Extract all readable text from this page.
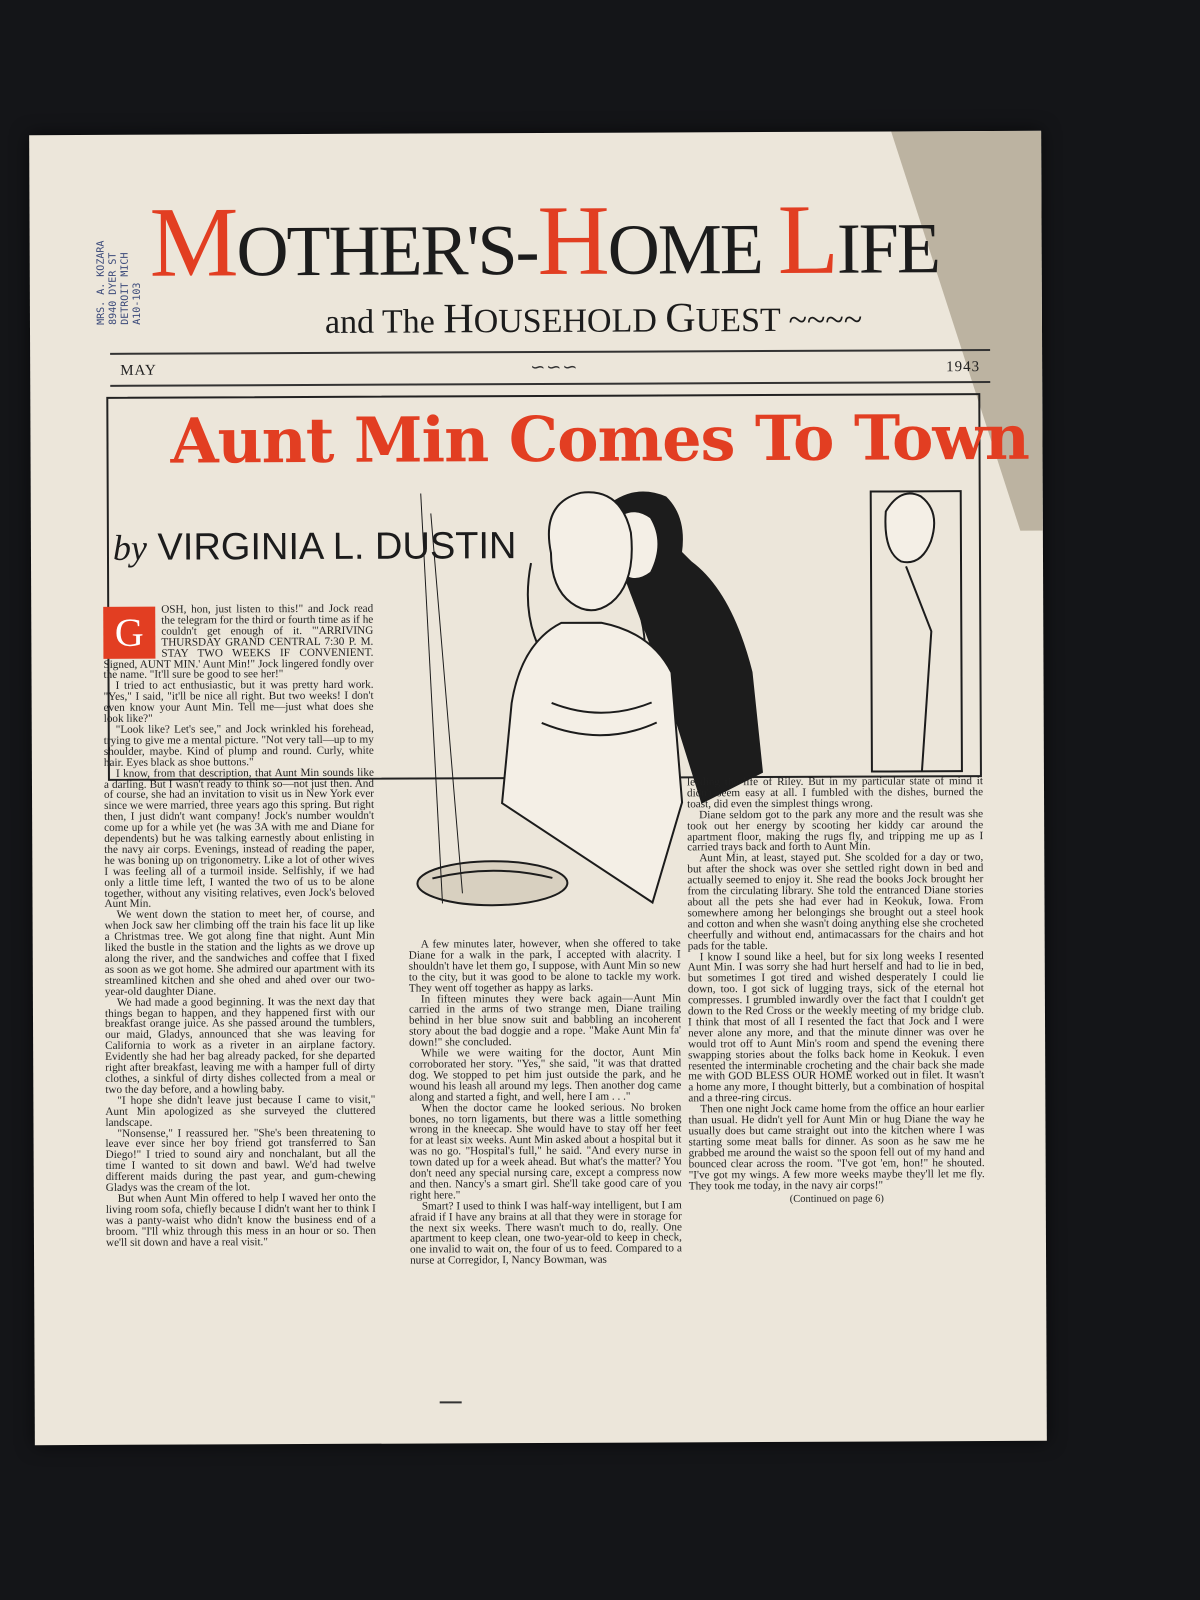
MRS. A. KOZARA 8940 DYER ST DETROIT MICH A10-103
MOTHER'S-HOME LIFE
and The HOUSEHOLD GUEST ~~~~
MAY	∽∽∽	1943
Aunt Min Comes To Town
by VIRGINIA L. DUSTIN

G
OSH, hon, just listen to this!" and Jock read the telegram for the third or fourth time as if he couldn't get enough of it. "'ARRIVING THURSDAY GRAND CENTRAL 7:30 P. M. STAY TWO WEEKS IF CONVENIENT. Signed, AUNT MIN.' Aunt Min!" Jock lingered fondly over the name. "It'll sure be good to see her!"

I tried to act enthusiastic, but it was pretty hard work. "Yes," I said, "it'll be nice all right. But two weeks! I don't even know your Aunt Min. Tell me—just what does she look like?"

"Look like? Let's see," and Jock wrinkled his forehead, trying to give me a mental picture. "Not very tall—up to my shoulder, maybe. Kind of plump and round. Curly, white hair. Eyes black as shoe buttons."

I know, from that description, that Aunt Min sounds like a darling. But I wasn't ready to think so—not just then. And of course, she had an invitation to visit us in New York ever since we were married, three years ago this spring. But right then, I just didn't want company! Jock's number wouldn't come up for a while yet (he was 3A with me and Diane for dependents) but he was talking earnestly about enlisting in the navy air corps. Evenings, instead of reading the paper, he was boning up on trigonometry. Like a lot of other wives I was feeling all of a turmoil inside. Selfishly, if we had only a little time left, I wanted the two of us to be alone together, without any visiting relatives, even Jock's beloved Aunt Min.

We went down the station to meet her, of course, and when Jock saw her climbing off the train his face lit up like a Christmas tree. We got along fine that night. Aunt Min liked the bustle in the station and the lights as we drove up along the river, and the sandwiches and coffee that I fixed as soon as we got home. She admired our apartment with its streamlined kitchen and she ohed and ahed over our two-year-old daughter Diane.

We had made a good beginning. It was the next day that things began to happen, and they happened first with our breakfast orange juice. As she passed around the tumblers, our maid, Gladys, announced that she was leaving for California to work as a riveter in an airplane factory. Evidently she had her bag already packed, for she departed right after breakfast, leaving me with a hamper full of dirty clothes, a sinkful of dirty dishes collected from a meal or two the day before, and a howling baby.

"I hope she didn't leave just because I came to visit," Aunt Min apologized as she surveyed the cluttered landscape.

"Nonsense," I reassured her. "She's been threatening to leave ever since her boy friend got transferred to San Diego!" I tried to sound airy and nonchalant, but all the time I wanted to sit down and bawl. We'd had twelve different maids during the past year, and gum-chewing Gladys was the cream of the lot.

But when Aunt Min offered to help I waved her onto the living room sofa, chiefly because I didn't want her to think I was a panty-waist who didn't know the business end of a broom. "I'll whiz through this mess in an hour or so. Then we'll sit down and have a real visit."

A few minutes later, however, when she offered to take Diane for a walk in the park, I accepted with alacrity. I shouldn't have let them go, I suppose, with Aunt Min so new to the city, but it was good to be alone to tackle my work. They went off together as happy as larks.

In fifteen minutes they were back again—Aunt Min carried in the arms of two strange men, Diane trailing behind in her blue snow suit and babbling an incoherent story about the bad doggie and a rope. "Make Aunt Min fa' down!" she concluded.

While we were waiting for the doctor, Aunt Min corroborated her story. "Yes," she said, "it was that dratted dog. We stopped to pet him just outside the park, and he wound his leash all around my legs. Then another dog came along and started a fight, and well, here I am . . ."

When the doctor came he looked serious. No broken bones, no torn ligaments, but there was a little something wrong in the kneecap. She would have to stay off her feet for at least six weeks. Aunt Min asked about a hospital but it was no go. "Hospital's full," he said. "And every nurse in town dated up for a week ahead. But what's the matter? You don't need any special nursing care, except a compress now and then. Nancy's a smart girl. She'll take good care of you right here."

Smart? I used to think I was half-way intelligent, but I am afraid if I have any brains at all that they were in storage for the next six weeks. There wasn't much to do, really. One apartment to keep clean, one two-year-old to keep in check, one invalid to wait on, the four of us to feed. Compared to a nurse at Corregidor, I, Nancy Bowman, was

leading the life of Riley. But in my particular state of mind it didn't seem easy at all. I fumbled with the dishes, burned the toast, did even the simplest things wrong.

Diane seldom got to the park any more and the result was she took out her energy by scooting her kiddy car around the apartment floor, making the rugs fly, and tripping me up as I carried trays back and forth to Aunt Min.

Aunt Min, at least, stayed put. She scolded for a day or two, but after the shock was over she settled right down in bed and actually seemed to enjoy it. She read the books Jock brought her from the circulating library. She told the entranced Diane stories about all the pets she had ever had in Keokuk, Iowa. From somewhere among her belongings she brought out a steel hook and cotton and when she wasn't doing anything else she crocheted cheerfully and without end, antimacassars for the chairs and hot pads for the table.

I know I sound like a heel, but for six long weeks I resented Aunt Min. I was sorry she had hurt herself and had to lie in bed, but sometimes I got tired and wished desperately I could lie down, too. I got sick of lugging trays, sick of the eternal hot compresses. I grumbled inwardly over the fact that I couldn't get down to the Red Cross or the weekly meeting of my bridge club. I think that most of all I resented the fact that Jock and I were never alone any more, and that the minute dinner was over he would trot off to Aunt Min's room and spend the evening there swapping stories about the folks back home in Keokuk. I even resented the interminable crocheting and the chair back she made me with GOD BLESS OUR HOME worked out in filet. It wasn't a home any more, I thought bitterly, but a combination of hospital and a three-ring circus.

Then one night Jock came home from the office an hour earlier than usual. He didn't yell for Aunt Min or hug Diane the way he usually does but came straight out into the kitchen where I was starting some meat balls for dinner. As soon as he saw me he grabbed me around the waist so the spoon fell out of my hand and bounced clear across the room. "I've got 'em, hon!" he shouted. "I've got my wings. A few more weeks maybe they'll let me fly. They took me today, in the navy air corps!"

(Continued on page 6)
